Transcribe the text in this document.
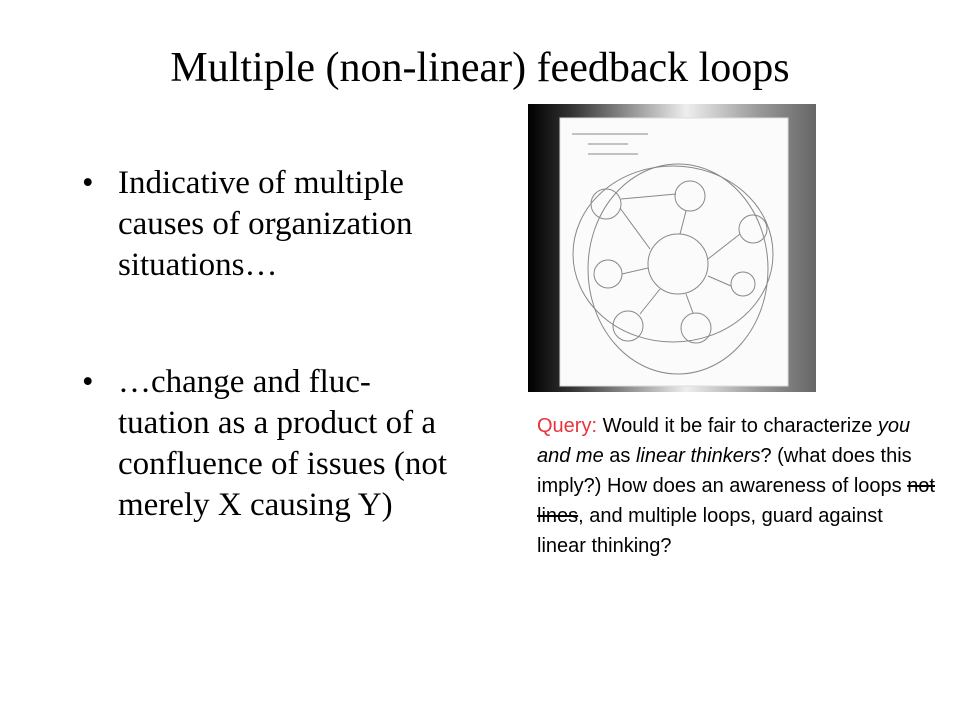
Multiple (non-linear) feedback loops
• Indicative of multiple causes of organization situations…
• …change and fluc-tuation as a product of a confluence of issues (not merely X causing Y)
Query: Would it be fair to characterize you and me as linear thinkers? (what does this imply?) How does an awareness of loops not lines, and multiple loops, guard against linear thinking?
